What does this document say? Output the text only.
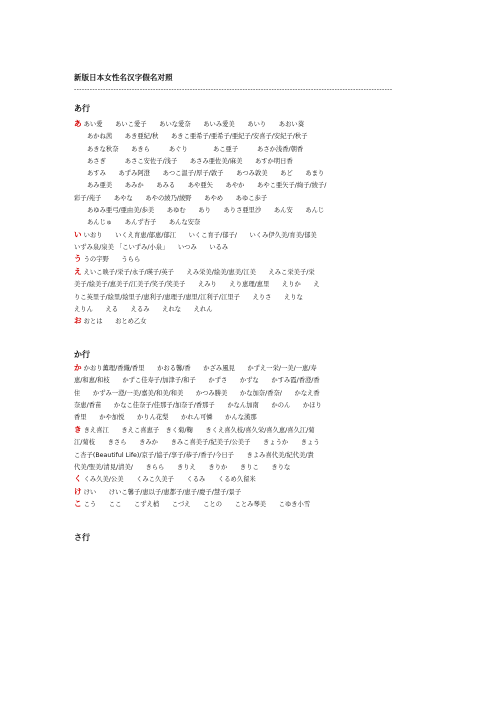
新版日本女性名汉字假名对照
-------------------------------------------------------------------------------------------------------------------------
あ行
あ あい愛　　あいこ愛子　　あいな愛奈　　あいみ愛美　　あいり　　あおい葵
あかね茜　　あき亜紀/秋　　あきこ亜希子/亜希子/亜紀子/安喜子/安紀子/秋子
あきな秋奈　　あきら　　　あぐり　　　　あこ亜子　　　あさか浅香/朝香
あさぎ　　　あさこ安佐子/浅子　　あさみ亜佐美/麻美　　あすか明日香
あすみ　　あずみ阿澄　　あつこ温子/厚子/敦子　　あつみ敦美　　あど　　あまり
あみ亜美　　あみか　　あみる　　あや亜矢　　あやか　　あやこ亜矢子/絢子/綾子/
彩子/苑子　　あやな　　あやの綾乃/綾野　　あやめ　　あゆこ歩子
あゆみ亜弓/亜由美/歩美　　あゆむ　　あり　　ありさ亜里沙　　あん安　　あんじ
あんじゅ　　あんず杏子　　あんな安奈
い いおり　　いくえ育恵/郁恵/郁江　　いくこ育子/郁子/　　いくみ伊久美/育美/郁美
いずみ泉/泉美 「こいずみ/小泉」　　いつみ　　いるみ
う うの宇野　　うらら
え えいこ映子/栄子/永子/瑛子/英子　　えみ栄美/絵美/恵美/江美　　えみこ栄美子/栄
美子/絵美子/恵美子/江美子/笑子/笑美子　　えみり　　えり恵理/恵里　　えりか　　え
りこ英里子/絵里/絵里子/恵利子/恵理子/恵里/江利子/江里子　　えりさ　　えりな
えりん　　える　　えるみ　　えれな　　えれん
お おとは　　おとめ乙女
か行
か かおり薫理/香織/香里　　かおる馨/香　　かざみ風見　　かずえ一栄/一美/一恵/寿
恵/和恵/和枝　　かずこ佳寿子/加津子/和子　　かずさ　　かずな　　かすみ霞/香澄/香
住　　かずみ一澄/一美/嘉美/和美/和美　　かつみ勝美　　かな加奈/香奈/　　かなえ香
奈恵/香苗　　かなこ佳奈子/佳那子/加奈子/香那子　　かなん加南　　かのん　　かほり
香里　　かや加悦　　かりん花梨　　かれん可憐　　かんな漢那
き きえ喜江　　きえこ喜恵子　きく菊/鞠　　きくえ喜久枝/喜久栄/喜久恵/喜久江/菊
江/菊枝　　きさら　　きみか　　きみこ喜美子/紀美子/公美子　　きょうか　　きょう
こ杏子(Beautiful Life)/京子/協子/享子/恭子/香子/今日子　　きよみ喜代美/紀代美/貴
代美/聖美/清見/清美/　　きらら　　きりえ　　きりか　　きりこ　　きりな
く くみ久美/公美　　くみこ久美子　　くるみ　　くるめ久留米
け けい　　けいこ馨子/恵以子/恵都子/恵子/慶子/慧子/景子
こ こう　　ここ　　こずえ梢　　こづえ　　ことの　　ことみ琴美　　こゆき小雪
さ行
